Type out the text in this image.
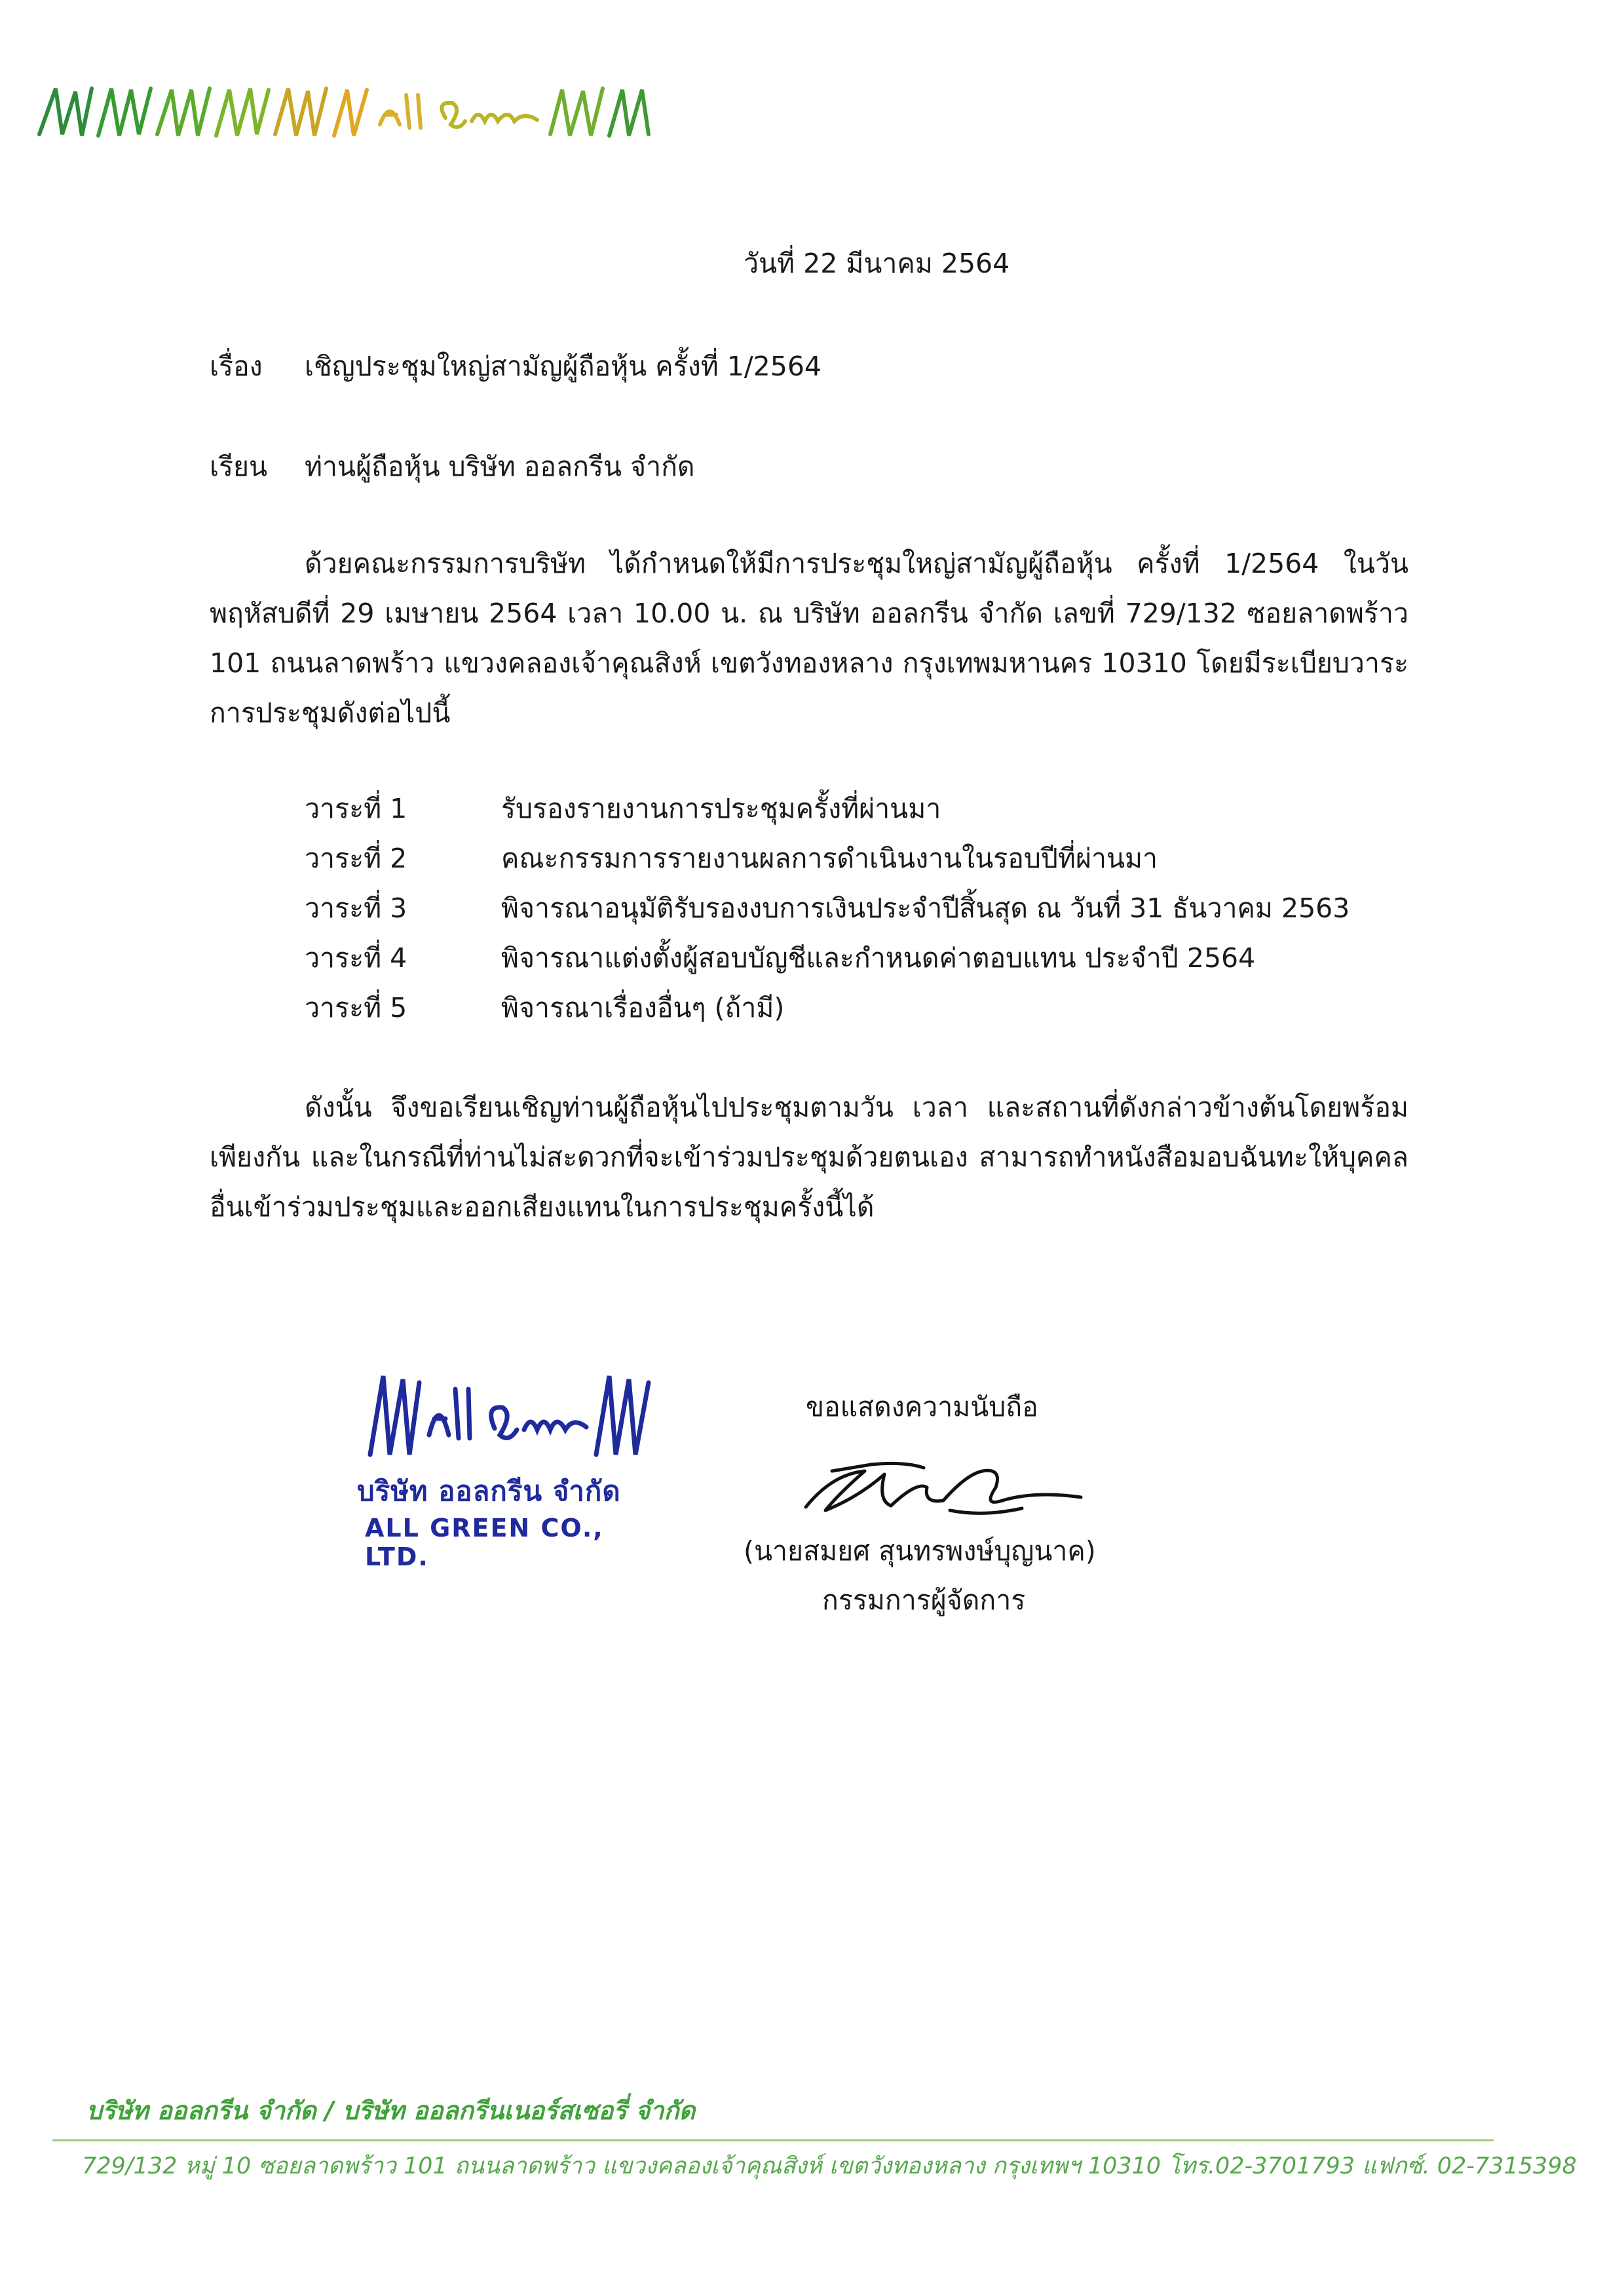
วันที่ 22 มีนาคม 2564
เรื่อง เชิญประชุมใหญ่สามัญผู้ถือหุ้น ครั้งที่ 1/2564
เรียน ท่านผู้ถือหุ้น บริษัท ออลกรีน จำกัด
ด้วยคณะกรรมการบริษัท ได้กำหนดให้มีการประชุมใหญ่สามัญผู้ถือหุ้น ครั้งที่ 1/2564 ในวันพฤหัสบดีที่ 29 เมษายน 2564 เวลา 10.00 น. ณ บริษัท ออลกรีน จำกัด เลขที่ 729/132 ซอยลาดพร้าว 101 ถนนลาดพร้าว แขวงคลองเจ้าคุณสิงห์ เขตวังทองหลาง กรุงเทพมหานคร 10310 โดยมีระเบียบวาระการประชุมดังต่อไปนี้
วาระที่ 1	รับรองรายงานการประชุมครั้งที่ผ่านมา
วาระที่ 2	คณะกรรมการรายงานผลการดำเนินงานในรอบปีที่ผ่านมา
วาระที่ 3	พิจารณาอนุมัติรับรองงบการเงินประจำปีสิ้นสุด ณ วันที่ 31 ธันวาคม 2563
วาระที่ 4	พิจารณาแต่งตั้งผู้สอบบัญชีและกำหนดค่าตอบแทน ประจำปี 2564
วาระที่ 5	พิจารณาเรื่องอื่นๆ (ถ้ามี)
ดังนั้น จึงขอเรียนเชิญท่านผู้ถือหุ้นไปประชุมตามวัน เวลา และสถานที่ดังกล่าวข้างต้นโดยพร้อมเพียงกัน และในกรณีที่ท่านไม่สะดวกที่จะเข้าร่วมประชุมด้วยตนเอง สามารถทำหนังสือมอบฉันทะให้บุคคลอื่นเข้าร่วมประชุมและออกเสียงแทนในการประชุมครั้งนี้ได้
บริษัท ออลกรีน จำกัด
ALL GREEN CO., LTD.
ขอแสดงความนับถือ
(นายสมยศ สุนทรพงษ์บุญนาค)
กรรมการผู้จัดการ
บริษัท ออลกรีน จำกัด / บริษัท ออลกรีนเนอร์สเซอรี่ จำกัด
729/132 หมู่ 10 ซอยลาดพร้าว 101 ถนนลาดพร้าว แขวงคลองเจ้าคุณสิงห์ เขตวังทองหลาง กรุงเทพฯ 10310 โทร.02-3701793 แฟกซ์. 02-7315398
